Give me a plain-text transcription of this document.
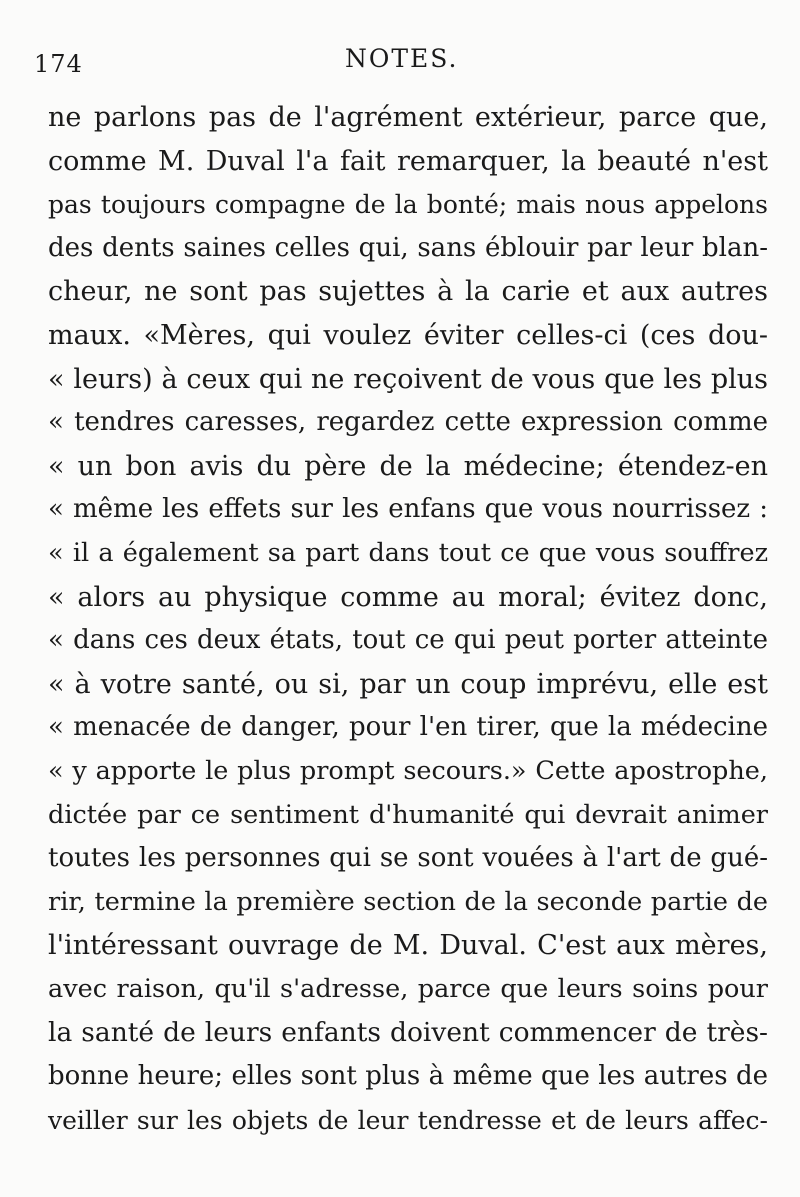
174	NOTES.
ne parlons pas de l'agrément extérieur, parce que,
comme M. Duval l'a fait remarquer, la beauté n'est
pas toujours compagne de la bonté; mais nous appelons
des dents saines celles qui, sans éblouir par leur blan-
cheur, ne sont pas sujettes à la carie et aux autres
maux. «Mères, qui voulez éviter celles-ci (ces dou-
« leurs) à ceux qui ne reçoivent de vous que les plus
« tendres caresses, regardez cette expression comme
« un bon avis du père de la médecine; étendez-en
« même les effets sur les enfans que vous nourrissez :
« il a également sa part dans tout ce que vous souffrez
« alors au physique comme au moral; évitez donc,
« dans ces deux états, tout ce qui peut porter atteinte
« à votre santé, ou si, par un coup imprévu, elle est
« menacée de danger, pour l'en tirer, que la médecine
« y apporte le plus prompt secours.» Cette apostrophe,
dictée par ce sentiment d'humanité qui devrait animer
toutes les personnes qui se sont vouées à l'art de gué-
rir, termine la première section de la seconde partie de
l'intéressant ouvrage de M. Duval. C'est aux mères,
avec raison, qu'il s'adresse, parce que leurs soins pour
la santé de leurs enfants doivent commencer de très-
bonne heure; elles sont plus à même que les autres de
veiller sur les objets de leur tendresse et de leurs affec-
